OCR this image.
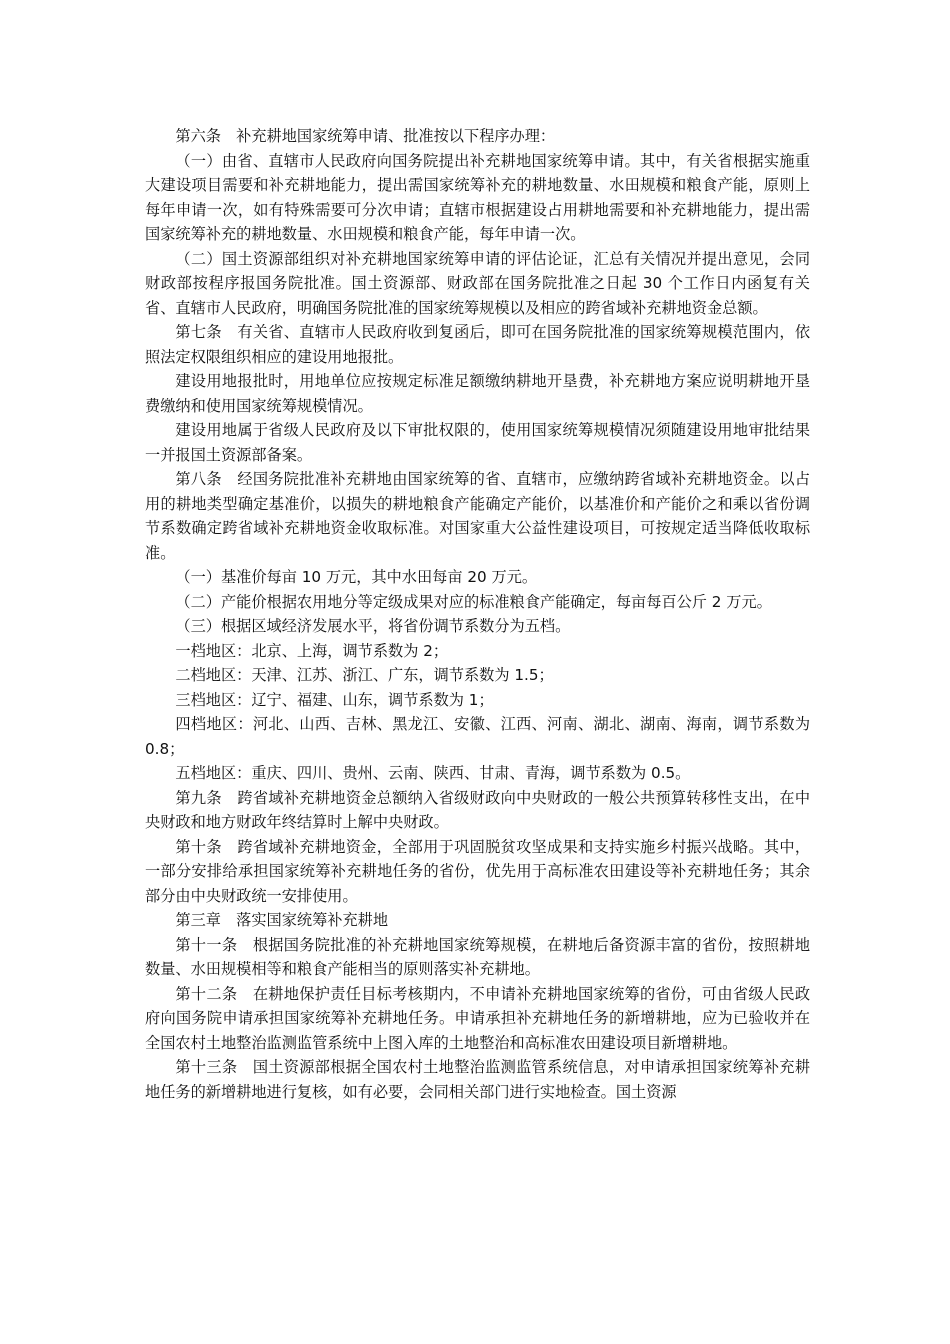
第六条　补充耕地国家统筹申请、批准按以下程序办理：

（一）由省、直辖市人民政府向国务院提出补充耕地国家统筹申请。其中，有关省根据实施重大建设项目需要和补充耕地能力，提出需国家统筹补充的耕地数量、水田规模和粮食产能，原则上每年申请一次，如有特殊需要可分次申请；直辖市根据建设占用耕地需要和补充耕地能力，提出需国家统筹补充的耕地数量、水田规模和粮食产能，每年申请一次。

（二）国土资源部组织对补充耕地国家统筹申请的评估论证，汇总有关情况并提出意见，会同财政部按程序报国务院批准。国土资源部、财政部在国务院批准之日起 30 个工作日内函复有关省、直辖市人民政府，明确国务院批准的国家统筹规模以及相应的跨省域补充耕地资金总额。

第七条　有关省、直辖市人民政府收到复函后，即可在国务院批准的国家统筹规模范围内，依照法定权限组织相应的建设用地报批。

建设用地报批时，用地单位应按规定标准足额缴纳耕地开垦费，补充耕地方案应说明耕地开垦费缴纳和使用国家统筹规模情况。

建设用地属于省级人民政府及以下审批权限的，使用国家统筹规模情况须随建设用地审批结果一并报国土资源部备案。

第八条　经国务院批准补充耕地由国家统筹的省、直辖市，应缴纳跨省域补充耕地资金。以占用的耕地类型确定基准价，以损失的耕地粮食产能确定产能价，以基准价和产能价之和乘以省份调节系数确定跨省域补充耕地资金收取标准。对国家重大公益性建设项目，可按规定适当降低收取标准。

（一）基准价每亩 10 万元，其中水田每亩 20 万元。

（二）产能价根据农用地分等定级成果对应的标准粮食产能确定，每亩每百公斤 2 万元。

（三）根据区域经济发展水平，将省份调节系数分为五档。

一档地区：北京、上海，调节系数为 2；

二档地区：天津、江苏、浙江、广东，调节系数为 1.5；

三档地区：辽宁、福建、山东，调节系数为 1；

四档地区：河北、山西、吉林、黑龙江、安徽、江西、河南、湖北、湖南、海南，调节系数为 0.8；

五档地区：重庆、四川、贵州、云南、陕西、甘肃、青海，调节系数为 0.5。

第九条　跨省域补充耕地资金总额纳入省级财政向中央财政的一般公共预算转移性支出，在中央财政和地方财政年终结算时上解中央财政。

第十条　跨省域补充耕地资金，全部用于巩固脱贫攻坚成果和支持实施乡村振兴战略。其中，一部分安排给承担国家统筹补充耕地任务的省份，优先用于高标准农田建设等补充耕地任务；其余部分由中央财政统一安排使用。

第三章　落实国家统筹补充耕地

第十一条　根据国务院批准的补充耕地国家统筹规模，在耕地后备资源丰富的省份，按照耕地数量、水田规模相等和粮食产能相当的原则落实补充耕地。

第十二条　在耕地保护责任目标考核期内，不申请补充耕地国家统筹的省份，可由省级人民政府向国务院申请承担国家统筹补充耕地任务。申请承担补充耕地任务的新增耕地，应为已验收并在全国农村土地整治监测监管系统中上图入库的土地整治和高标准农田建设项目新增耕地。

第十三条　国土资源部根据全国农村土地整治监测监管系统信息，对申请承担国家统筹补充耕地任务的新增耕地进行复核，如有必要，会同相关部门进行实地检查。国土资源
